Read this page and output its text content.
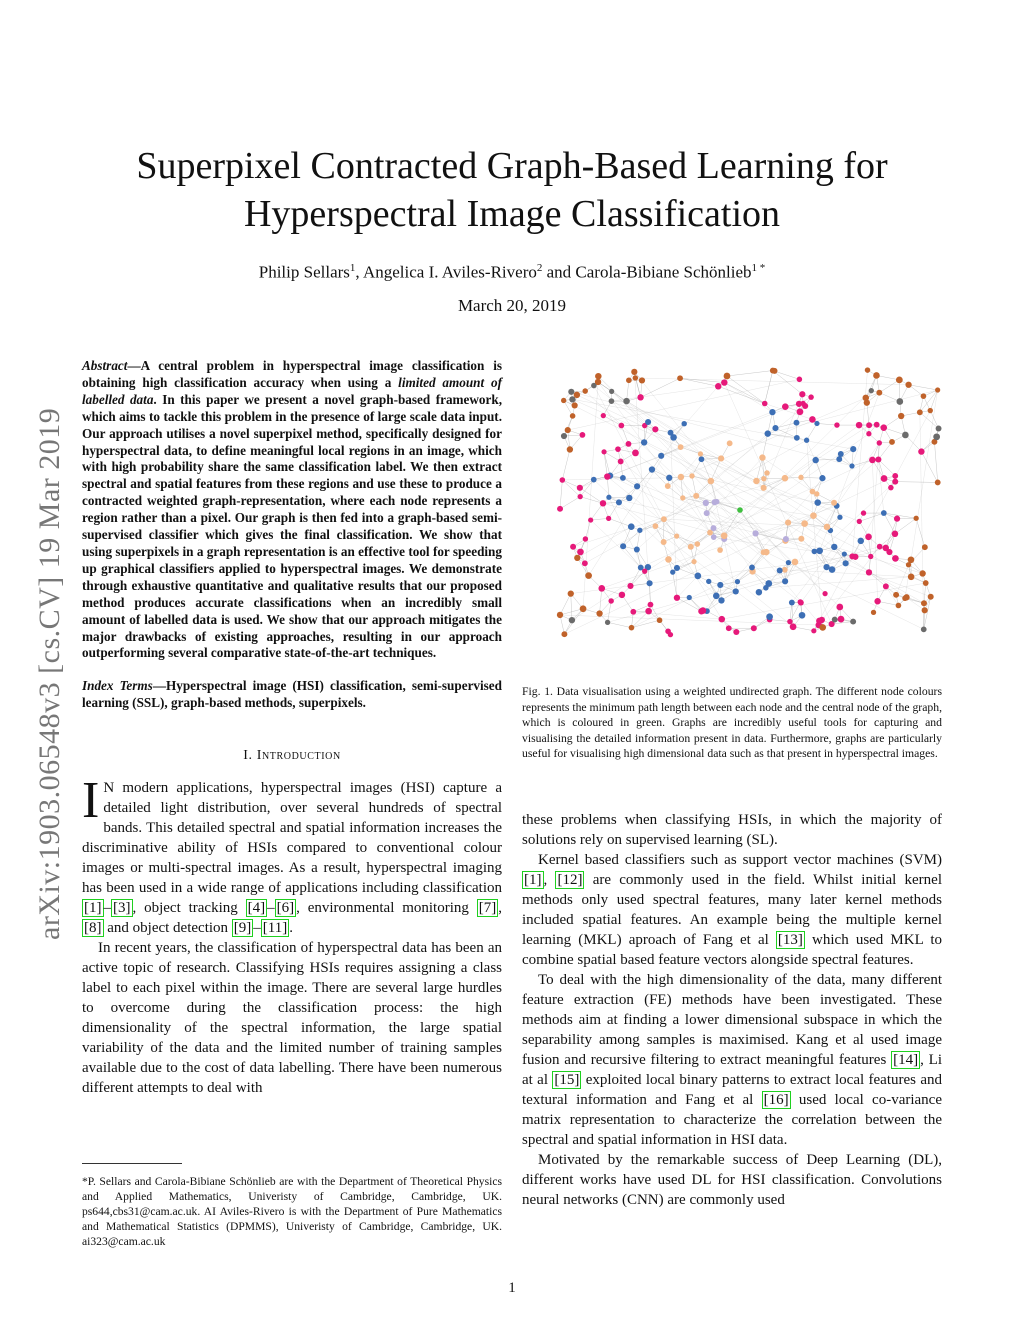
Superpixel Contracted Graph-Based Learning for
Hyperspectral Image Classification
Philip Sellars$^1$, Angelica I. Aviles-Rivero$^2$ and Carola-Bibiane Schönlieb$^{1 *}$
March 20, 2019
arXiv:1903.06548v3 [cs.CV] 19 Mar 2019

Abstract—A central problem in hyperspectral image classification is obtaining high classification accuracy when using a limited amount of labelled data. In this paper we present a novel graph-based framework, which aims to tackle this problem in the presence of large scale data input. Our approach utilises a novel superpixel method, specifically designed for hyperspectral data, to define meaningful local regions in an image, which with high probability share the same classification label. We then extract spectral and spatial features from these regions and use these to produce a contracted weighted graph-representation, where each node represents a region rather than a pixel. Our graph is then fed into a graph-based semi-supervised classifier which gives the final classification. We show that using superpixels in a graph representation is an effective tool for speeding up graphical classifiers applied to hyperspectral images. We demonstrate through exhaustive quantitative and qualitative results that our proposed method produces accurate classifications when an incredibly small amount of labelled data is used. We show that our approach mitigates the major drawbacks of existing approaches, resulting in our approach outperforming several comparative state-of-the-art techniques.

Index Terms—Hyperspectral image (HSI) classification, semi-supervised learning (SSL), graph-based methods, superpixels.

I. Introduction

I N modern applications, hyperspectral images (HSI) capture a detailed light distribution, over several hundreds of spectral bands. This detailed spectral and spatial information increases the discriminative ability of HSIs compared to conventional colour images or multi-spectral images. As a result, hyperspectral imaging has been used in a wide range of applications including classification [1] – [3] , object tracking [4] – [6] , environmental monitoring [7] , [8] and object detection [9] – [11] .

In recent years, the classification of hyperspectral data has been an active topic of research. Classifying HSIs requires assigning a class label to each pixel within the image. There are several large hurdles to overcome during the classification process: the high dimensionality of the spectral information, the large spatial variability of the data and the limited number of training samples available due to the cost of data labelling. There have been numerous different attempts to deal with

*P. Sellars and Carola-Bibiane Schönlieb are with the Department of Theoretical Physics and Applied Mathematics, Univeristy of Cambridge, Cambridge, UK. ps644,cbs31@cam.ac.uk. AI Aviles-Rivero is with the Department of Pure Mathematics and Mathematical Statistics (DPMMS), Univeristy of Cambridge, Cambridge, UK. ai323@cam.ac.uk
Fig. 1. Data visualisation using a weighted undirected graph. The different node colours represents the minimum path length between each node and the central node of the graph, which is coloured in green. Graphs are incredibly useful tools for capturing and visualising the detailed information present in data. Furthermore, graphs are particularly useful for visualising high dimensional data such as that present in hyperspectral images.

these problems when classifying HSIs, in which the majority of solutions rely on supervised learning (SL).

Kernel based classifiers such as support vector machines (SVM) [1] , [12] are commonly used in the field. Whilst initial kernel methods only used spectral features, many later kernel methods included spatial features. An example being the multiple kernel learning (MKL) aproach of Fang et al [13] which used MKL to combine spatial based feature vectors alongside spectral features.

To deal with the high dimensionality of the data, many different feature extraction (FE) methods have been investigated. These methods aim at finding a lower dimensional subspace in which the separability among samples is maximised. Kang et al used image fusion and recursive filtering to extract meaningful features [14] , Li at al [15] exploited local binary patterns to extract local features and textural information and Fang et al [16] used local co-variance matrix representation to characterize the correlation between the spectral and spatial information in HSI data.

Motivated by the remarkable success of Deep Learning (DL), different works have used DL for HSI classification. Convolutions neural networks (CNN) are commonly used

1
